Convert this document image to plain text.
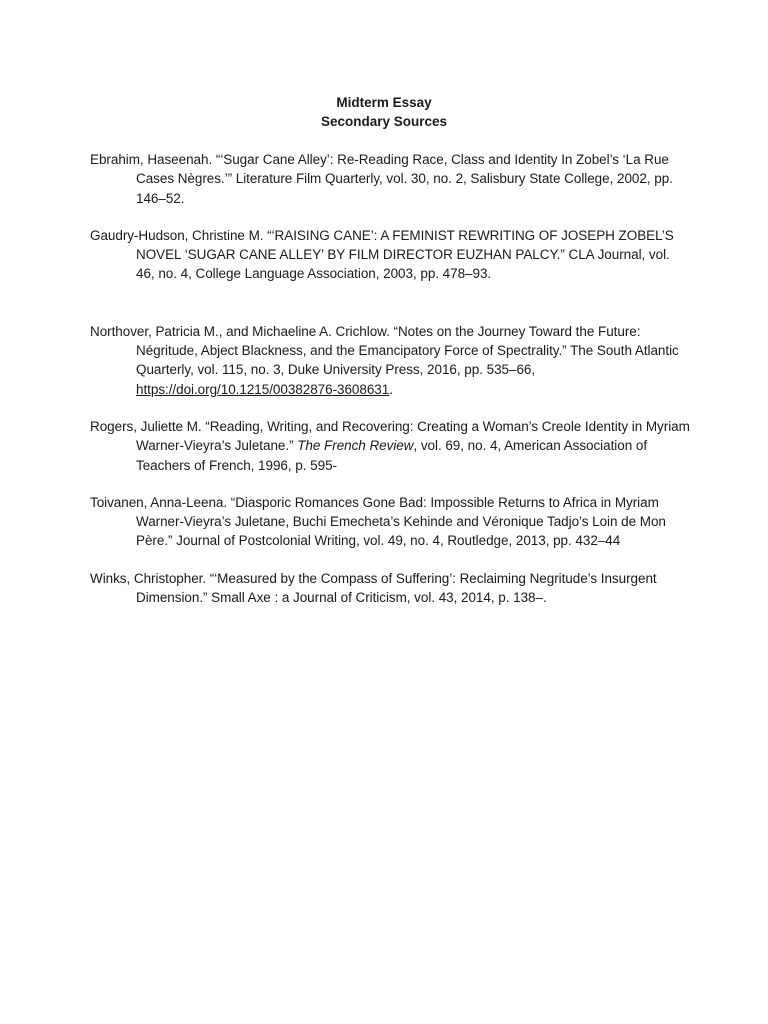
Midterm Essay
Secondary Sources

Ebrahim, Haseenah. “‘Sugar Cane Alley’: Re-Reading Race, Class and Identity In Zobel’s ‘La Rue Cases Nègres.’” Literature Film Quarterly, vol. 30, no. 2, Salisbury State College, 2002, pp. 146–52.

Gaudry-Hudson, Christine M. “‘RAISING CANE’: A FEMINIST REWRITING OF JOSEPH ZOBEL’S NOVEL ‘SUGAR CANE ALLEY’ BY FILM DIRECTOR EUZHAN PALCY.” CLA Journal, vol. 46, no. 4, College Language Association, 2003, pp. 478–93.

Northover, Patricia M., and Michaeline A. Crichlow. “Notes on the Journey Toward the Future: Négritude, Abject Blackness, and the Emancipatory Force of Spectrality.” The South Atlantic Quarterly, vol. 115, no. 3, Duke University Press, 2016, pp. 535–66, https://doi.org/10.1215/00382876-3608631.

Rogers, Juliette M. “Reading, Writing, and Recovering: Creating a Woman’s Creole Identity in Myriam Warner-Vieyra’s Juletane.” The French Review, vol. 69, no. 4, American Association of Teachers of French, 1996, p. 595-

Toivanen, Anna-Leena. “Diasporic Romances Gone Bad: Impossible Returns to Africa in Myriam Warner-Vieyra’s Juletane, Buchi Emecheta’s Kehinde and Véronique Tadjo’s Loin de Mon Père.” Journal of Postcolonial Writing, vol. 49, no. 4, Routledge, 2013, pp. 432–44

Winks, Christopher. “‘Measured by the Compass of Suffering’: Reclaiming Negritude’s Insurgent Dimension.” Small Axe : a Journal of Criticism, vol. 43, 2014, p. 138–.
